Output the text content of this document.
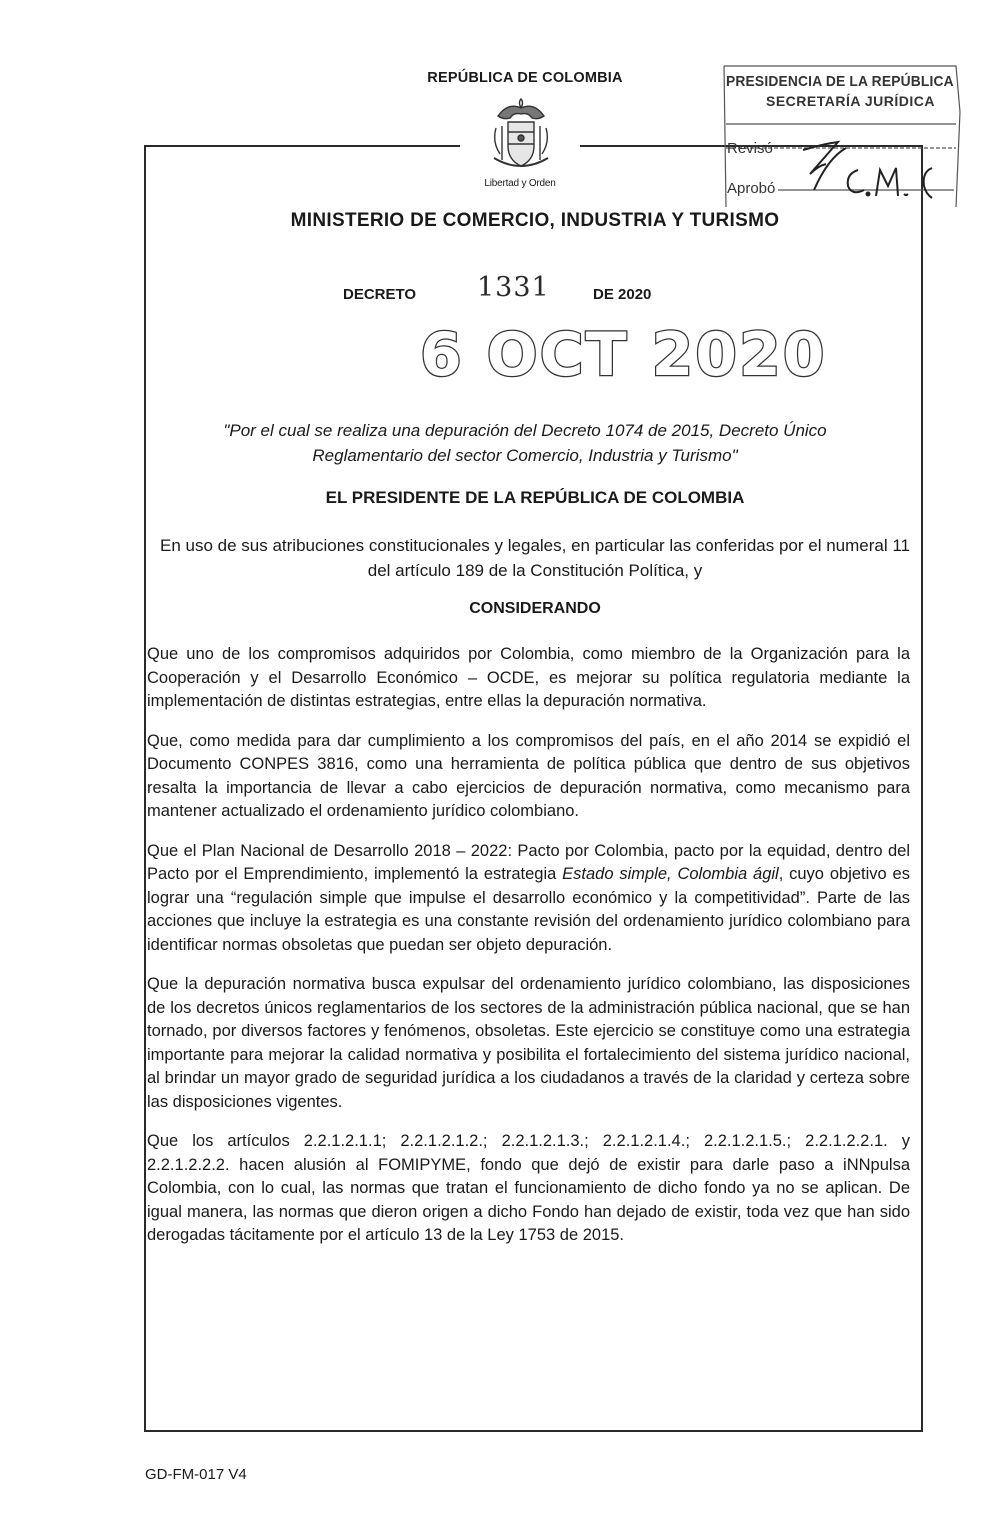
REPÚBLICA DE COLOMBIA
Libertad y Orden
MINISTERIO DE COMERCIO, INDUSTRIA Y TURISMO
PRESIDENCIA DE LA REPÚBLICA
SECRETARÍA JURÍDICA
Revisó
Aprobó
DECRETO 1331	DE 2020
6 OCT 2020
"Por el cual se realiza una depuración del Decreto 1074 de 2015, Decreto Único Reglamentario del sector Comercio, Industria y Turismo"
EL PRESIDENTE DE LA REPÚBLICA DE COLOMBIA
En uso de sus atribuciones constitucionales y legales, en particular las conferidas por el numeral 11 del artículo 189 de la Constitución Política, y
CONSIDERANDO

Que uno de los compromisos adquiridos por Colombia, como miembro de la Organización para la Cooperación y el Desarrollo Económico – OCDE, es mejorar su política regulatoria mediante la implementación de distintas estrategias, entre ellas la depuración normativa.

Que, como medida para dar cumplimiento a los compromisos del país, en el año 2014 se expidió el Documento CONPES 3816, como una herramienta de política pública que dentro de sus objetivos resalta la importancia de llevar a cabo ejercicios de depuración normativa, como mecanismo para mantener actualizado el ordenamiento jurídico colombiano.

Que el Plan Nacional de Desarrollo 2018 – 2022: Pacto por Colombia, pacto por la equidad, dentro del Pacto por el Emprendimiento, implementó la estrategia Estado simple, Colombia ágil, cuyo objetivo es lograr una “regulación simple que impulse el desarrollo económico y la competitividad”. Parte de las acciones que incluye la estrategia es una constante revisión del ordenamiento jurídico colombiano para identificar normas obsoletas que puedan ser objeto depuración.

Que la depuración normativa busca expulsar del ordenamiento jurídico colombiano, las disposiciones de los decretos únicos reglamentarios de los sectores de la administración pública nacional, que se han tornado, por diversos factores y fenómenos, obsoletas. Este ejercicio se constituye como una estrategia importante para mejorar la calidad normativa y posibilita el fortalecimiento del sistema jurídico nacional, al brindar un mayor grado de seguridad jurídica a los ciudadanos a través de la claridad y certeza sobre las disposiciones vigentes.

Que los artículos 2.2.1.2.1.1; 2.2.1.2.1.2.; 2.2.1.2.1.3.; 2.2.1.2.1.4.; 2.2.1.2.1.5.; 2.2.1.2.2.1. y 2.2.1.2.2.2. hacen alusión al FOMIPYME, fondo que dejó de existir para darle paso a iNNpulsa Colombia, con lo cual, las normas que tratan el funcionamiento de dicho fondo ya no se aplican. De igual manera, las normas que dieron origen a dicho Fondo han dejado de existir, toda vez que han sido derogadas tácitamente por el artículo 13 de la Ley 1753 de 2015.

GD-FM-017 V4
